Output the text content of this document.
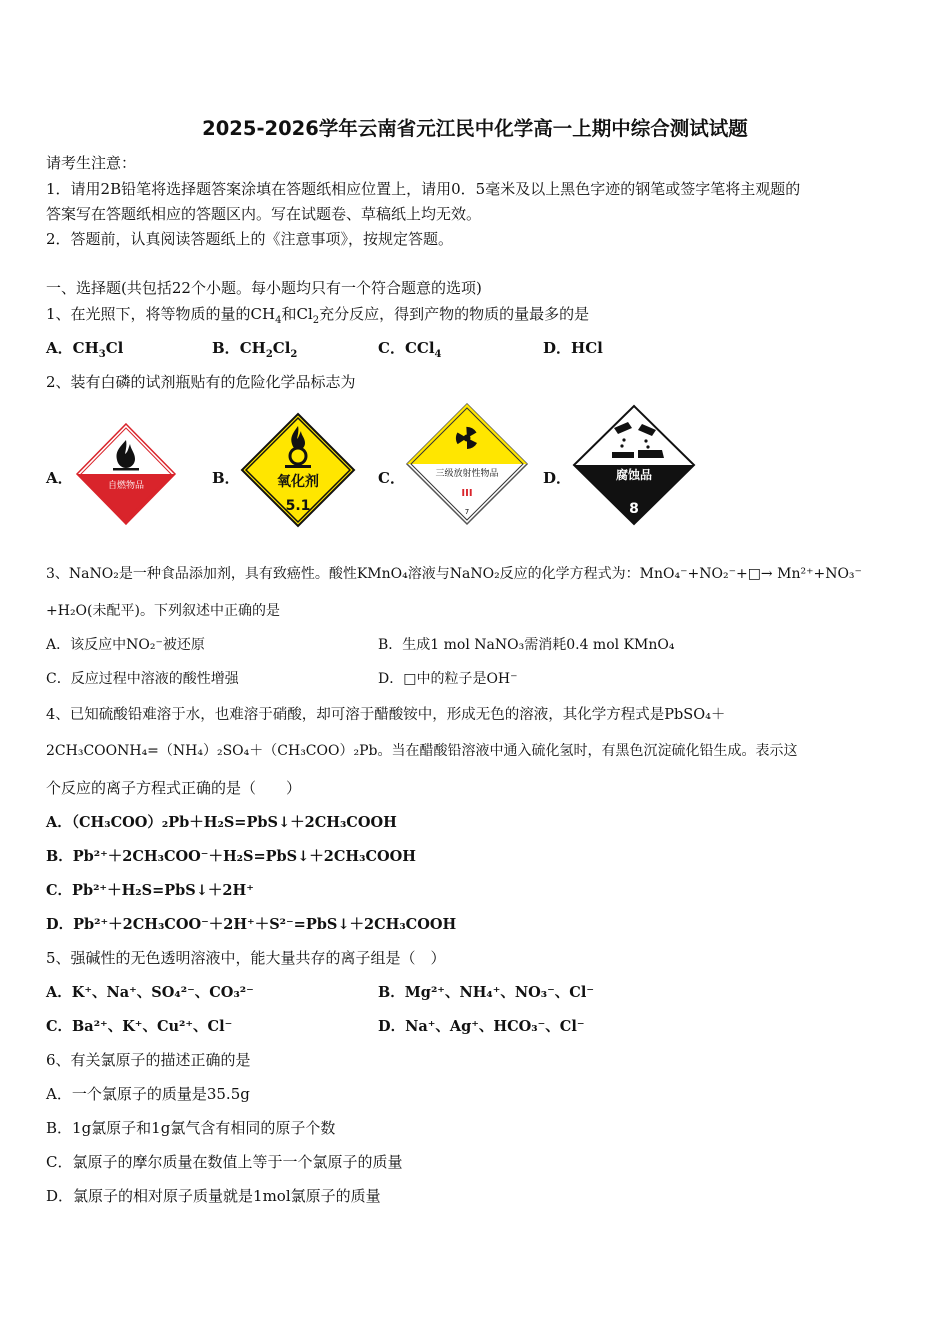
2025-2026学年云南省元江民中化学高一上期中综合测试试题
请考生注意：
1．请用2B铅笔将选择题答案涂填在答题纸相应位置上，请用0．5毫米及以上黑色字迹的钢笔或签字笔将主观题的
答案写在答题纸相应的答题区内。写在试题卷、草稿纸上均无效。
2．答题前，认真阅读答题纸上的《注意事项》，按规定答题。
一、选择题(共包括22个小题。每小题均只有一个符合题意的选项)
1、在光照下，将等物质的量的$CH_4$和$Cl_2$充分反应，得到产物的物质的量最多的是
A．$CH_3Cl$	B．$CH_2Cl_2$	C．CCl$_4$	D．HCl
2、装有白磷的试剂瓶贴有的危险化学品标志为
A．	B．	C．	D．
自燃物品	氧化剂
5.1
三级放射性物品
III
7
腐蚀品
8
3、NaNO₂是一种食品添加剂，具有致癌性。酸性KMnO₄溶液与NaNO₂反应的化学方程式为：MnO₄⁻+NO₂⁻+□→ Mn²⁺+NO₃⁻
+H₂O(未配平)。下列叙述中正确的是
A．该反应中NO₂⁻被还原	B．生成1 mol NaNO₃需消耗0.4 mol KMnO₄
C．反应过程中溶液的酸性增强	D．□中的粒子是OH⁻
4、已知硫酸铅难溶于水，也难溶于硝酸，却可溶于醋酸铵中，形成无色的溶液，其化学方程式是PbSO₄＋
2CH₃COONH₄=（NH₄）₂SO₄＋（CH₃COO）₂Pb。当在醋酸铅溶液中通入硫化氢时，有黑色沉淀硫化铅生成。表示这
个反应的离子方程式正确的是（　　）
A．（CH₃COO）₂Pb＋H₂S=PbS↓＋2CH₃COOH
B．Pb²⁺＋2CH₃COO⁻＋H₂S=PbS↓＋2CH₃COOH
C．Pb²⁺＋H₂S=PbS↓＋2H⁺
D．Pb²⁺＋2CH₃COO⁻＋2H⁺＋S²⁻=PbS↓＋2CH₃COOH
5、强碱性的无色透明溶液中，能大量共存的离子组是（　）
A．K⁺、Na⁺、SO₄²⁻、CO₃²⁻	B．Mg²⁺、NH₄⁺、NO₃⁻、Cl⁻
C．Ba²⁺、K⁺、Cu²⁺、Cl⁻	D．Na⁺、Ag⁺、HCO₃⁻、Cl⁻
6、有关氯原子的描述正确的是
A．一个氯原子的质量是35.5g
B．1g氯原子和1g氯气含有相同的原子个数
C．氯原子的摩尔质量在数值上等于一个氯原子的质量
D．氯原子的相对原子质量就是1mol氯原子的质量
